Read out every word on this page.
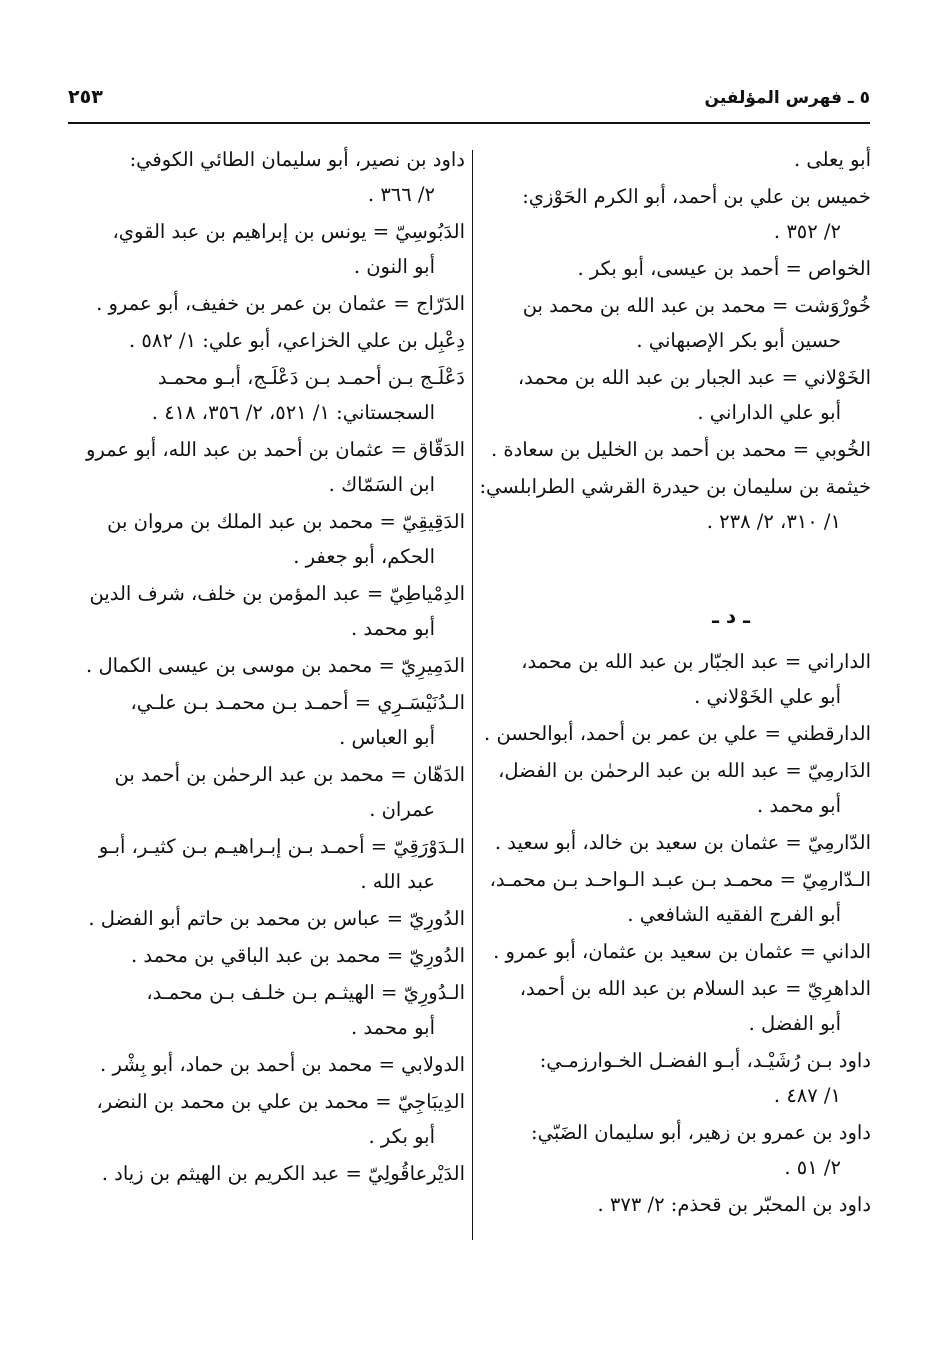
٥ ـ فهرس المؤلفين
٢٥٣
أبو يعلى .
خميس بن علي بن أحمد، أبو الكرم الحَوْزي:
٢/ ٣٥٢ .
الخواص = أحمد بن عيسى، أبو بكر .
خُورْوَشت = محمد بن عبد الله بن محمد بن
حسين أبو بكر الإصبهاني .
الخَوْلاني = عبد الجبار بن عبد الله بن محمد،
أبو علي الداراني .
الخُوبي = محمد بن أحمد بن الخليل بن سعادة .
خيثمة بن سليمان بن حيدرة القرشي الطرابلسي:
١/ ٣١٠، ٢/ ٢٣٨ .
ـ د ـ
الداراني = عبد الجبّار بن عبد الله بن محمد،
أبو علي الخَوْلاني .
الدارقطني = علي بن عمر بن أحمد، أبوالحسن .
الدَارمِيّ = عبد الله بن عبد الرحمٰن بن الفضل،
أبو محمد .
الدّارمِيّ = عثمان بن سعيد بن خالد، أبو سعيد .
الـدّارمِيّ = محمـد بـن عبـد الـواحـد بـن محمـد،
أبو الفرج الفقيه الشافعي .
الداني = عثمان بن سعيد بن عثمان، أبو عمرو .
الداهرِيّ = عبد السلام بن عبد الله بن أحمد،
أبو الفضل .
داود بـن رُشَيْـد، أبـو الفضـل الخـوارزمـي:
١/ ٤٨٧ .
داود بن عمرو بن زهير، أبو سليمان الضَبّي:
٢/ ٥١ .
داود بن المحبّر بن قحذم: ٢/ ٣٧٣ .
داود بن نصير، أبو سليمان الطائي الكوفي:
٢/ ٣٦٦ .
الدَبُوسِيّ = يونس بن إبراهيم بن عبد القوي،
أبو النون .
الدَرّاج = عثمان بن عمر بن خفيف، أبو عمرو .
دِعْبِل بن علي الخزاعي، أبو علي: ١/ ٥٨٢ .
دَعْلَـج بـن أحمـد بـن دَعْلَـج، أبـو محمـد
السجستاني: ١/ ٥٢١، ٢/ ٣٥٦، ٤١٨ .
الدَقّاق = عثمان بن أحمد بن عبد الله، أبو عمرو
ابن السَمّاك .
الدَقِيقِيّ = محمد بن عبد الملك بن مروان بن
الحكم، أبو جعفر .
الدِمْياطِيّ = عبد المؤمن بن خلف، شرف الدين
أبو محمد .
الدَمِيرِيّ = محمد بن موسى بن عيسى الكمال .
الـدُنَيْسَـرِي = أحمـد بـن محمـد بـن علـي،
أبو العباس .
الدَهّان = محمد بن عبد الرحمٰن بن أحمد بن
عمران .
الـدَوْرَقِيّ = أحمـد بـن إبـراهيـم بـن كثيـر، أبـو
عبد الله .
الدُورِيّ = عباس بن محمد بن حاتم أبو الفضل .
الدُورِيّ = محمد بن عبد الباقي بن محمد .
الـدُورِيّ = الهيثـم بـن خلـف بـن محمـد،
أبو محمد .
الدولابي = محمد بن أحمد بن حماد، أبو بِشْر .
الدِيبَاجِيّ = محمد بن علي بن محمد بن النضر،
أبو بكر .
الدَيْرعاقُولِيّ = عبد الكريم بن الهيثم بن زياد .
